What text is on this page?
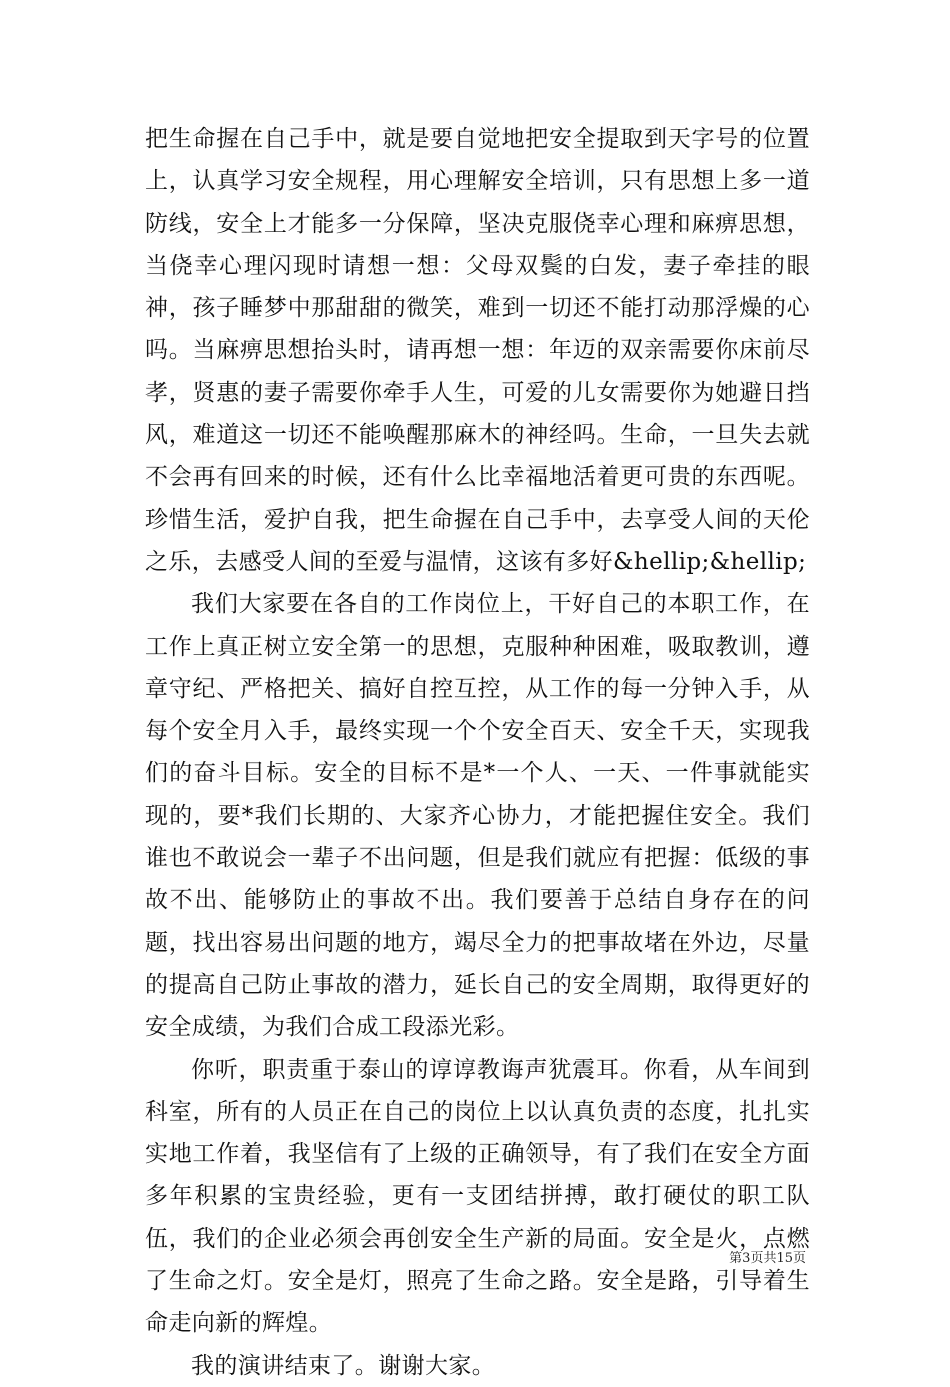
把生命握在自己手中，就是要自觉地把安全提取到天字号的位置上，认真学习安全规程，用心理解安全培训，只有思想上多一道防线，安全上才能多一分保障，坚决克服侥幸心理和麻痹思想，当侥幸心理闪现时请想一想：父母双鬓的白发，妻子牵挂的眼神，孩子睡梦中那甜甜的微笑，难到一切还不能打动那浮燥的心吗。当麻痹思想抬头时，请再想一想：年迈的双亲需要你床前尽孝，贤惠的妻子需要你牵手人生，可爱的儿女需要你为她避日挡风，难道这一切还不能唤醒那麻木的神经吗。生命，一旦失去就不会再有回来的时候，还有什么比幸福地活着更可贵的东西呢。珍惜生活，爱护自我，把生命握在自己手中，去享受人间的天伦之乐，去感受人间的至爱与温情，这该有多好&hellip;&hellip;

我们大家要在各自的工作岗位上，干好自己的本职工作，在工作上真正树立安全第一的思想，克服种种困难，吸取教训，遵章守纪、严格把关、搞好自控互控，从工作的每一分钟入手，从每个安全月入手，最终实现一个个安全百天、安全千天，实现我们的奋斗目标。安全的目标不是*一个人、一天、一件事就能实现的，要*我们长期的、大家齐心协力，才能把握住安全。我们谁也不敢说会一辈子不出问题，但是我们就应有把握：低级的事故不出、能够防止的事故不出。我们要善于总结自身存在的问题，找出容易出问题的地方，竭尽全力的把事故堵在外边，尽量的提高自己防止事故的潜力，延长自己的安全周期，取得更好的安全成绩，为我们合成工段添光彩。

你听，职责重于泰山的谆谆教诲声犹震耳。你看，从车间到科室，所有的人员正在自己的岗位上以认真负责的态度，扎扎实实地工作着，我坚信有了上级的正确领导，有了我们在安全方面多年积累的宝贵经验，更有一支团结拼搏，敢打硬仗的职工队伍，我们的企业必须会再创安全生产新的局面。安全是火，点燃了生命之灯。安全是灯，照亮了生命之路。安全是路，引导着生命走向新的辉煌。

我的演讲结束了。谢谢大家。

第3页共15页
